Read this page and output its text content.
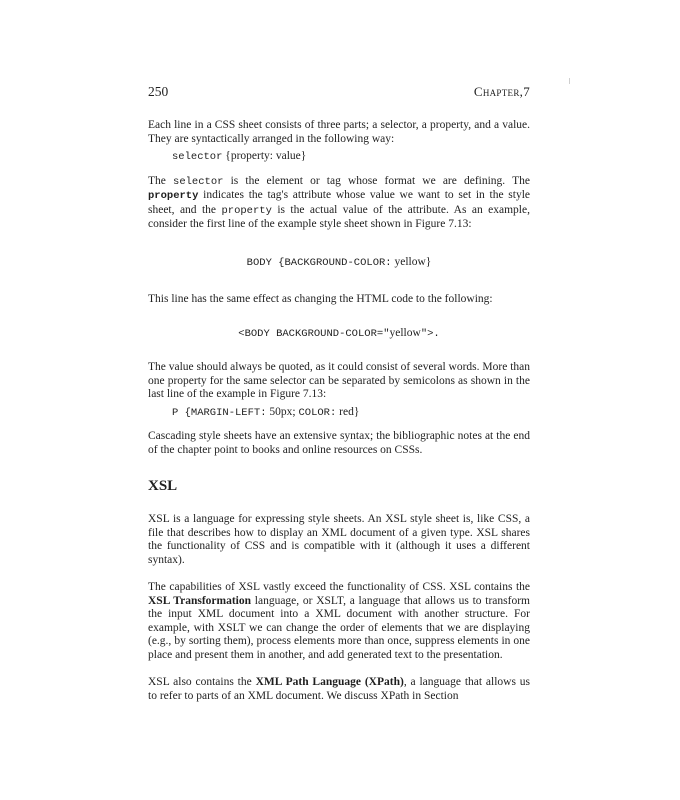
250	Chapter,7

Each line in a CSS sheet consists of three parts; a selector, a property, and a value. They are syntactically arranged in the following way:

selector {property: value}

The selector is the element or tag whose format we are defining. The property indicates the tag's attribute whose value we want to set in the style sheet, and the property is the actual value of the attribute. As an example, consider the first line of the example style sheet shown in Figure 7.13:

BODY {BACKGROUND-COLOR: yellow}

This line has the same effect as changing the HTML code to the following:

<BODY BACKGROUND-COLOR="yellow">.

The value should always be quoted, as it could consist of several words. More than one property for the same selector can be separated by semicolons as shown in the last line of the example in Figure 7.13:

P {MARGIN-LEFT: 50px; COLOR: red}

Cascading style sheets have an extensive syntax; the bibliographic notes at the end of the chapter point to books and online resources on CSSs.

XSL

XSL is a language for expressing style sheets. An XSL style sheet is, like CSS, a file that describes how to display an XML document of a given type. XSL shares the functionality of CSS and is compatible with it (although it uses a different syntax).

The capabilities of XSL vastly exceed the functionality of CSS. XSL contains the XSL Transformation language, or XSLT, a language that allows us to transform the input XML document into a XML document with another structure. For example, with XSLT we can change the order of elements that we are displaying (e.g., by sorting them), process elements more than once, suppress elements in one place and present them in another, and add generated text to the presentation.

XSL also contains the XML Path Language (XPath), a language that allows us to refer to parts of an XML document. We discuss XPath in Section
